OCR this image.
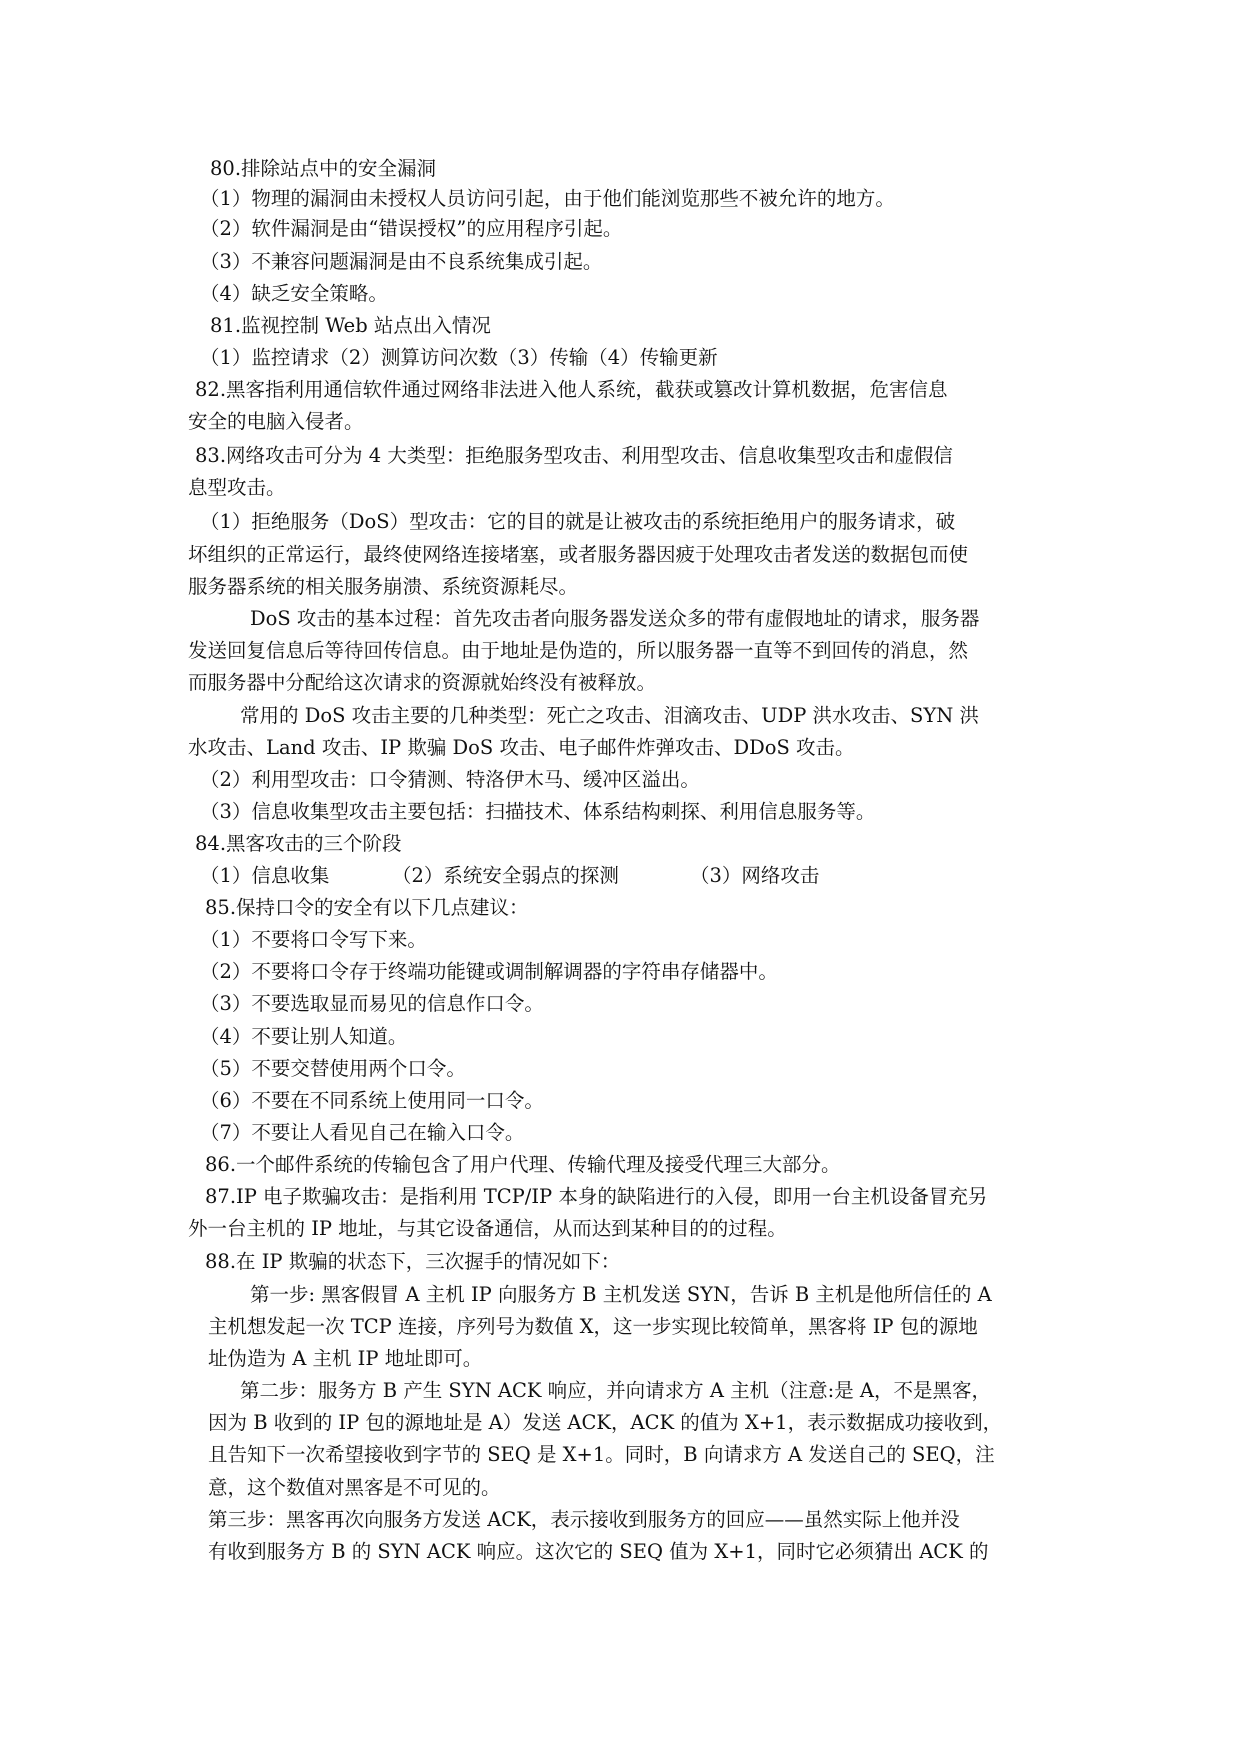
80.排除站点中的安全漏洞
（1）物理的漏洞由未授权人员访问引起，由于他们能浏览那些不被允许的地方。
（2）软件漏洞是由“错误授权”的应用程序引起。
（3）不兼容问题漏洞是由不良系统集成引起。
（4）缺乏安全策略。
81.监视控制 Web 站点出入情况
（1）监控请求（2）测算访问次数（3）传输（4）传输更新
82.黑客指利用通信软件通过网络非法进入他人系统，截获或篡改计算机数据，危害信息
安全的电脑入侵者。
83.网络攻击可分为 4 大类型：拒绝服务型攻击、利用型攻击、信息收集型攻击和虚假信
息型攻击。
（1）拒绝服务（DoS）型攻击：它的目的就是让被攻击的系统拒绝用户的服务请求，破
坏组织的正常运行，最终使网络连接堵塞，或者服务器因疲于处理攻击者发送的数据包而使
服务器系统的相关服务崩溃、系统资源耗尽。
DoS 攻击的基本过程：首先攻击者向服务器发送众多的带有虚假地址的请求，服务器
发送回复信息后等待回传信息。由于地址是伪造的，所以服务器一直等不到回传的消息，然
而服务器中分配给这次请求的资源就始终没有被释放。
常用的 DoS 攻击主要的几种类型：死亡之攻击、泪滴攻击、UDP 洪水攻击、SYN 洪
水攻击、Land 攻击、IP 欺骗 DoS 攻击、电子邮件炸弹攻击、DDoS 攻击。
（2）利用型攻击：口令猜测、特洛伊木马、缓冲区溢出。
（3）信息收集型攻击主要包括：扫描技术、体系结构刺探、利用信息服务等。
84.黑客攻击的三个阶段
（1）信息收集	（2）系统安全弱点的探测	（3）网络攻击
85.保持口令的安全有以下几点建议：
（1）不要将口令写下来。
（2）不要将口令存于终端功能键或调制解调器的字符串存储器中。
（3）不要选取显而易见的信息作口令。
（4）不要让别人知道。
（5）不要交替使用两个口令。
（6）不要在不同系统上使用同一口令。
（7）不要让人看见自己在输入口令。
86.一个邮件系统的传输包含了用户代理、传输代理及接受代理三大部分。
87.IP 电子欺骗攻击：是指利用 TCP/IP 本身的缺陷进行的入侵，即用一台主机设备冒充另
外一台主机的 IP 地址，与其它设备通信，从而达到某种目的的过程。
88.在 IP 欺骗的状态下，三次握手的情况如下：
第一步: 黑客假冒 A 主机 IP 向服务方 B 主机发送 SYN，告诉 B 主机是他所信任的 A
主机想发起一次 TCP 连接，序列号为数值 X，这一步实现比较简单，黑客将 IP 包的源地
址伪造为 A 主机 IP 地址即可。
第二步：服务方 B 产生 SYN ACK 响应，并向请求方 A 主机（注意:是 A，不是黑客，
因为 B 收到的 IP 包的源地址是 A）发送 ACK，ACK 的值为 X+1，表示数据成功接收到，
且告知下一次希望接收到字节的 SEQ 是 X+1。同时，B 向请求方 A 发送自己的 SEQ，注
意，这个数值对黑客是不可见的。
第三步：黑客再次向服务方发送 ACK，表示接收到服务方的回应——虽然实际上他并没
有收到服务方 B 的 SYN ACK 响应。这次它的 SEQ 值为 X+1，同时它必须猜出 ACK 的
